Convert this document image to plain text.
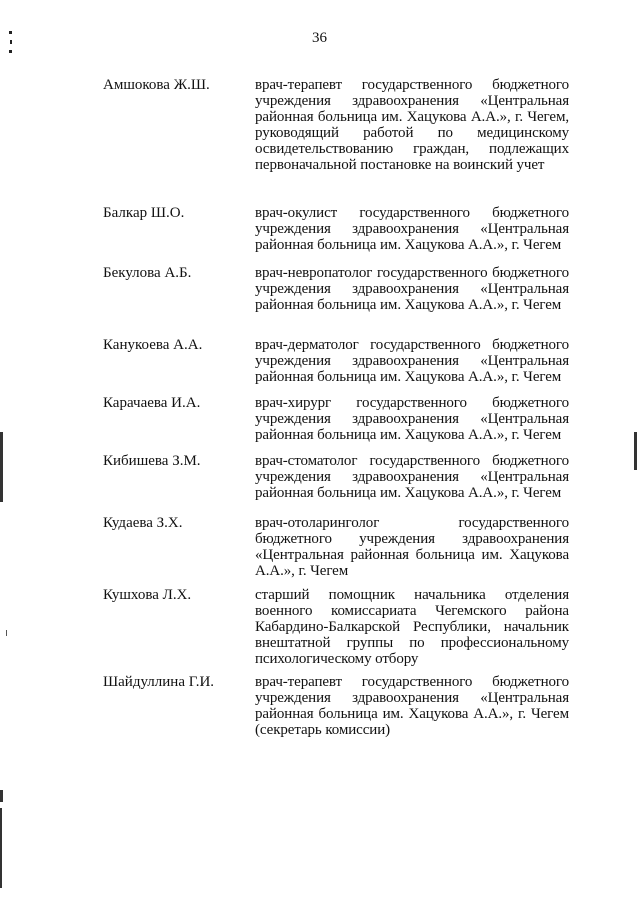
36
Амшокова Ж.Ш.	врач-терапевт государственного бюджетного учреждения здравоохранения «Центральная районная больница им. Хацукова А.А.», г. Чегем, руководящий работой по медицинскому освидетельствованию граждан, подлежащих первоначальной постановке на воинский учет
Балкар Ш.О.	врач-окулист государственного бюджетного учреждения здравоохранения «Центральная районная больница им. Хацукова А.А.», г. Чегем
Бекулова А.Б.	врач-невропатолог государственного бюджетного учреждения здравоохранения «Центральная районная больница им. Хацукова А.А.», г. Чегем
Канукоева А.А.	врач-дерматолог государственного бюджетного учреждения здравоохранения «Центральная районная больница им. Хацукова А.А.», г. Чегем
Карачаева И.А.	врач-хирург государственного бюджетного учреждения здравоохранения «Центральная районная больница им. Хацукова А.А.», г. Чегем
Кибишева З.М.	врач-стоматолог государственного бюджетного учреждения здравоохранения «Центральная районная больница им. Хацукова А.А.», г. Чегем
Кудаева З.Х.	врач-отоларинголог государственного бюджетного учреждения здравоохранения «Центральная районная больница им. Хацукова А.А.», г. Чегем
Кушхова Л.Х.	старший помощник начальника отделения военного комиссариата Чегемского района Кабардино-Балкарской Республики, начальник внештатной группы по профессиональному психологическому отбору
Шайдуллина Г.И.	врач-терапевт государственного бюджетного учреждения здравоохранения «Центральная районная больница им. Хацукова А.А.», г. Чегем (секретарь комиссии)
